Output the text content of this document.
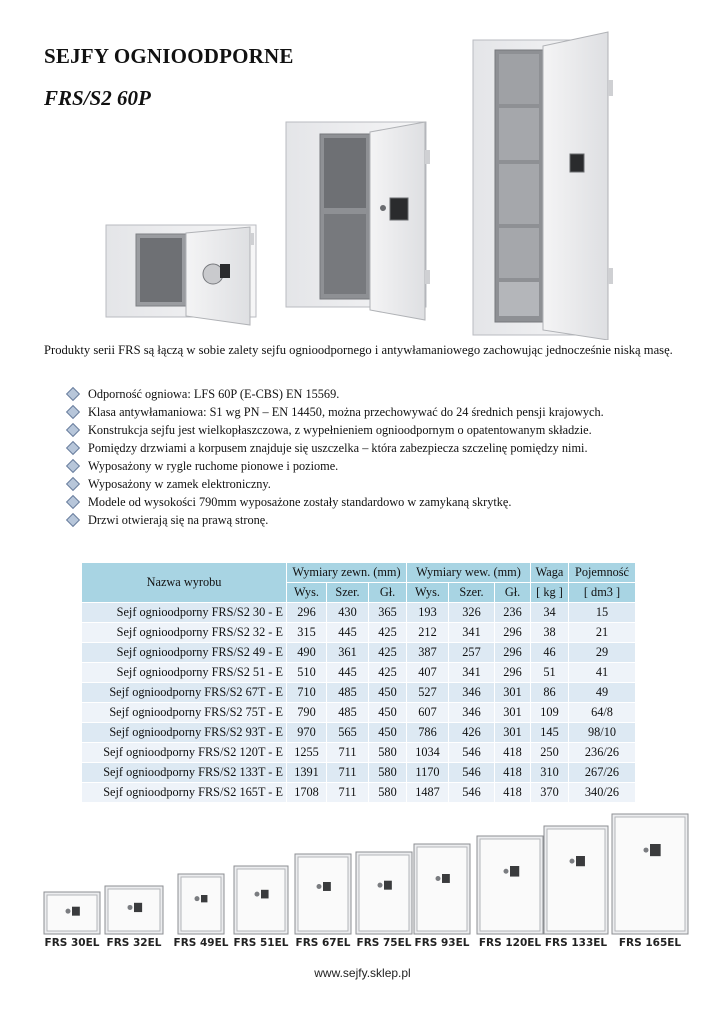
SEJFY OGNIOODPORNE
FRS/S2 60P
Produkty serii FRS są łączą w sobie zalety sejfu ognioodpornego i antywłamaniowego zachowując jednocześnie niską masę.
Odporność ogniowa: LFS 60P (E-CBS) EN 15569.
Klasa antywłamaniowa: S1 wg PN – EN 14450, można przechowywać do 24 średnich pensji krajowych.
Konstrukcja sejfu jest wielkopłaszczowa, z wypełnieniem ognioodpornym o opatentowanym składzie.
Pomiędzy drzwiami a korpusem znajduje się uszczelka – która zabezpiecza szczelinę pomiędzy nimi.
Wyposażony w rygle ruchome pionowe i poziome.
Wyposażony w zamek elektroniczny.
Modele od wysokości 790mm wyposażone zostały standardowo w zamykaną skrytkę.
Drzwi otwierają się na prawą stronę.
Nazwa wyrobu	Wymiary zewn. (mm)			Wymiary wew. (mm)			Waga	Pojemność
	Wys.	Szer.	Gł.	Wys.	Szer.	Gł.	[ kg ]	[ dm3 ]
Sejf ognioodporny FRS/S2 30 - E	296	430	365	193	326	236	34	15
Sejf ognioodporny FRS/S2 32 - E	315	445	425	212	341	296	38	21
Sejf ognioodporny FRS/S2 49 - E	490	361	425	387	257	296	46	29
Sejf ognioodporny FRS/S2 51 - E	510	445	425	407	341	296	51	41
Sejf ognioodporny FRS/S2 67T - E	710	485	450	527	346	301	86	49
Sejf ognioodporny FRS/S2 75T - E	790	485	450	607	346	301	109	64/8
Sejf ognioodporny FRS/S2 93T - E	970	565	450	786	426	301	145	98/10
Sejf ognioodporny FRS/S2 120T - E	1255	711	580	1034	546	418	250	236/26
Sejf ognioodporny FRS/S2 133T - E	1391	711	580	1170	546	418	310	267/26
Sejf ognioodporny FRS/S2 165T - E	1708	711	580	1487	546	418	370	340/26
FRS 30EL FRS 32EL	FRS 49EL FRS 51EL FRS 67EL FRS 75EL FRS 93EL FRS 120EL FRS 133EL	FRS 165EL
www.sejfy.sklep.pl
